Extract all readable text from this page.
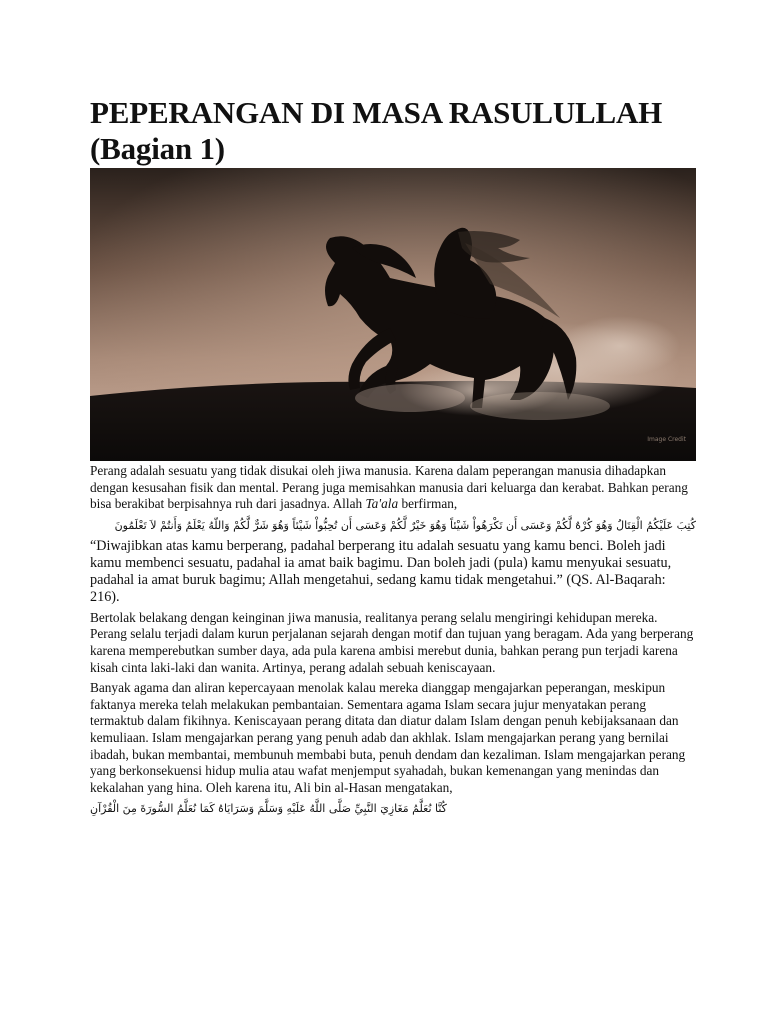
PEPERANGAN DI MASA RASULULLAH
(Bagian 1)
Image Credit

Perang adalah sesuatu yang tidak disukai oleh jiwa manusia. Karena dalam peperangan manusia dihadapkan dengan kesusahan fisik dan mental. Perang juga memisahkan manusia dari keluarga dan kerabat. Bahkan perang bisa berakibat berpisahnya ruh dari jasadnya. Allah Ta'ala berfirman,

كُتِبَ عَلَيْكُمُ الْقِتَالُ وَهُوَ كُرْهٌ لَّكُمْ وَعَسَى أَن تَكْرَهُواْ شَيْئاً وَهُوَ خَيْرٌ لَّكُمْ وَعَسَى أَن تُحِبُّواْ شَيْئاً وَهُوَ شَرٌّ لَّكُمْ وَاللّهُ يَعْلَمُ وَأَنتُمْ لاَ تَعْلَمُونَ

“Diwajibkan atas kamu berperang, padahal berperang itu adalah sesuatu yang kamu benci. Boleh jadi kamu membenci sesuatu, padahal ia amat baik bagimu. Dan boleh jadi (pula) kamu menyukai sesuatu, padahal ia amat buruk bagimu; Allah mengetahui, sedang kamu tidak mengetahui.” (QS. Al-Baqarah: 216).

Bertolak belakang dengan keinginan jiwa manusia, realitanya perang selalu mengiringi kehidupan mereka. Perang selalu terjadi dalam kurun perjalanan sejarah dengan motif dan tujuan yang beragam. Ada yang berperang karena memperebutkan sumber daya, ada pula karena ambisi merebut dunia, bahkan perang pun terjadi karena kisah cinta laki-laki dan wanita. Artinya, perang adalah sebuah keniscayaan.

Banyak agama dan aliran kepercayaan menolak kalau mereka dianggap mengajarkan peperangan, meskipun faktanya mereka telah melakukan pembantaian. Sementara agama Islam secara jujur menyatakan perang termaktub dalam fikihnya. Keniscayaan perang ditata dan diatur dalam Islam dengan penuh kebijaksanaan dan kemuliaan. Islam mengajarkan perang yang penuh adab dan akhlak. Islam mengajarkan perang yang bernilai ibadah, bukan membantai, membunuh membabi buta, penuh dendam dan kezaliman. Islam mengajarkan perang yang berkonsekuensi hidup mulia atau wafat menjemput syahadah, bukan kemenangan yang menindas dan kekalahan yang hina. Oleh karena itu, Ali bin al-Hasan mengatakan,

كُنَّا نُعَلَّمُ مَغَازِيَ النَّبِيِّ صَلَّى اللَّهُ عَلَيْهِ وَسَلَّمَ وَسَرَايَاهُ كَمَا نُعَلَّمُ السُّورَةَ مِنَ الْقُرْآنِ
